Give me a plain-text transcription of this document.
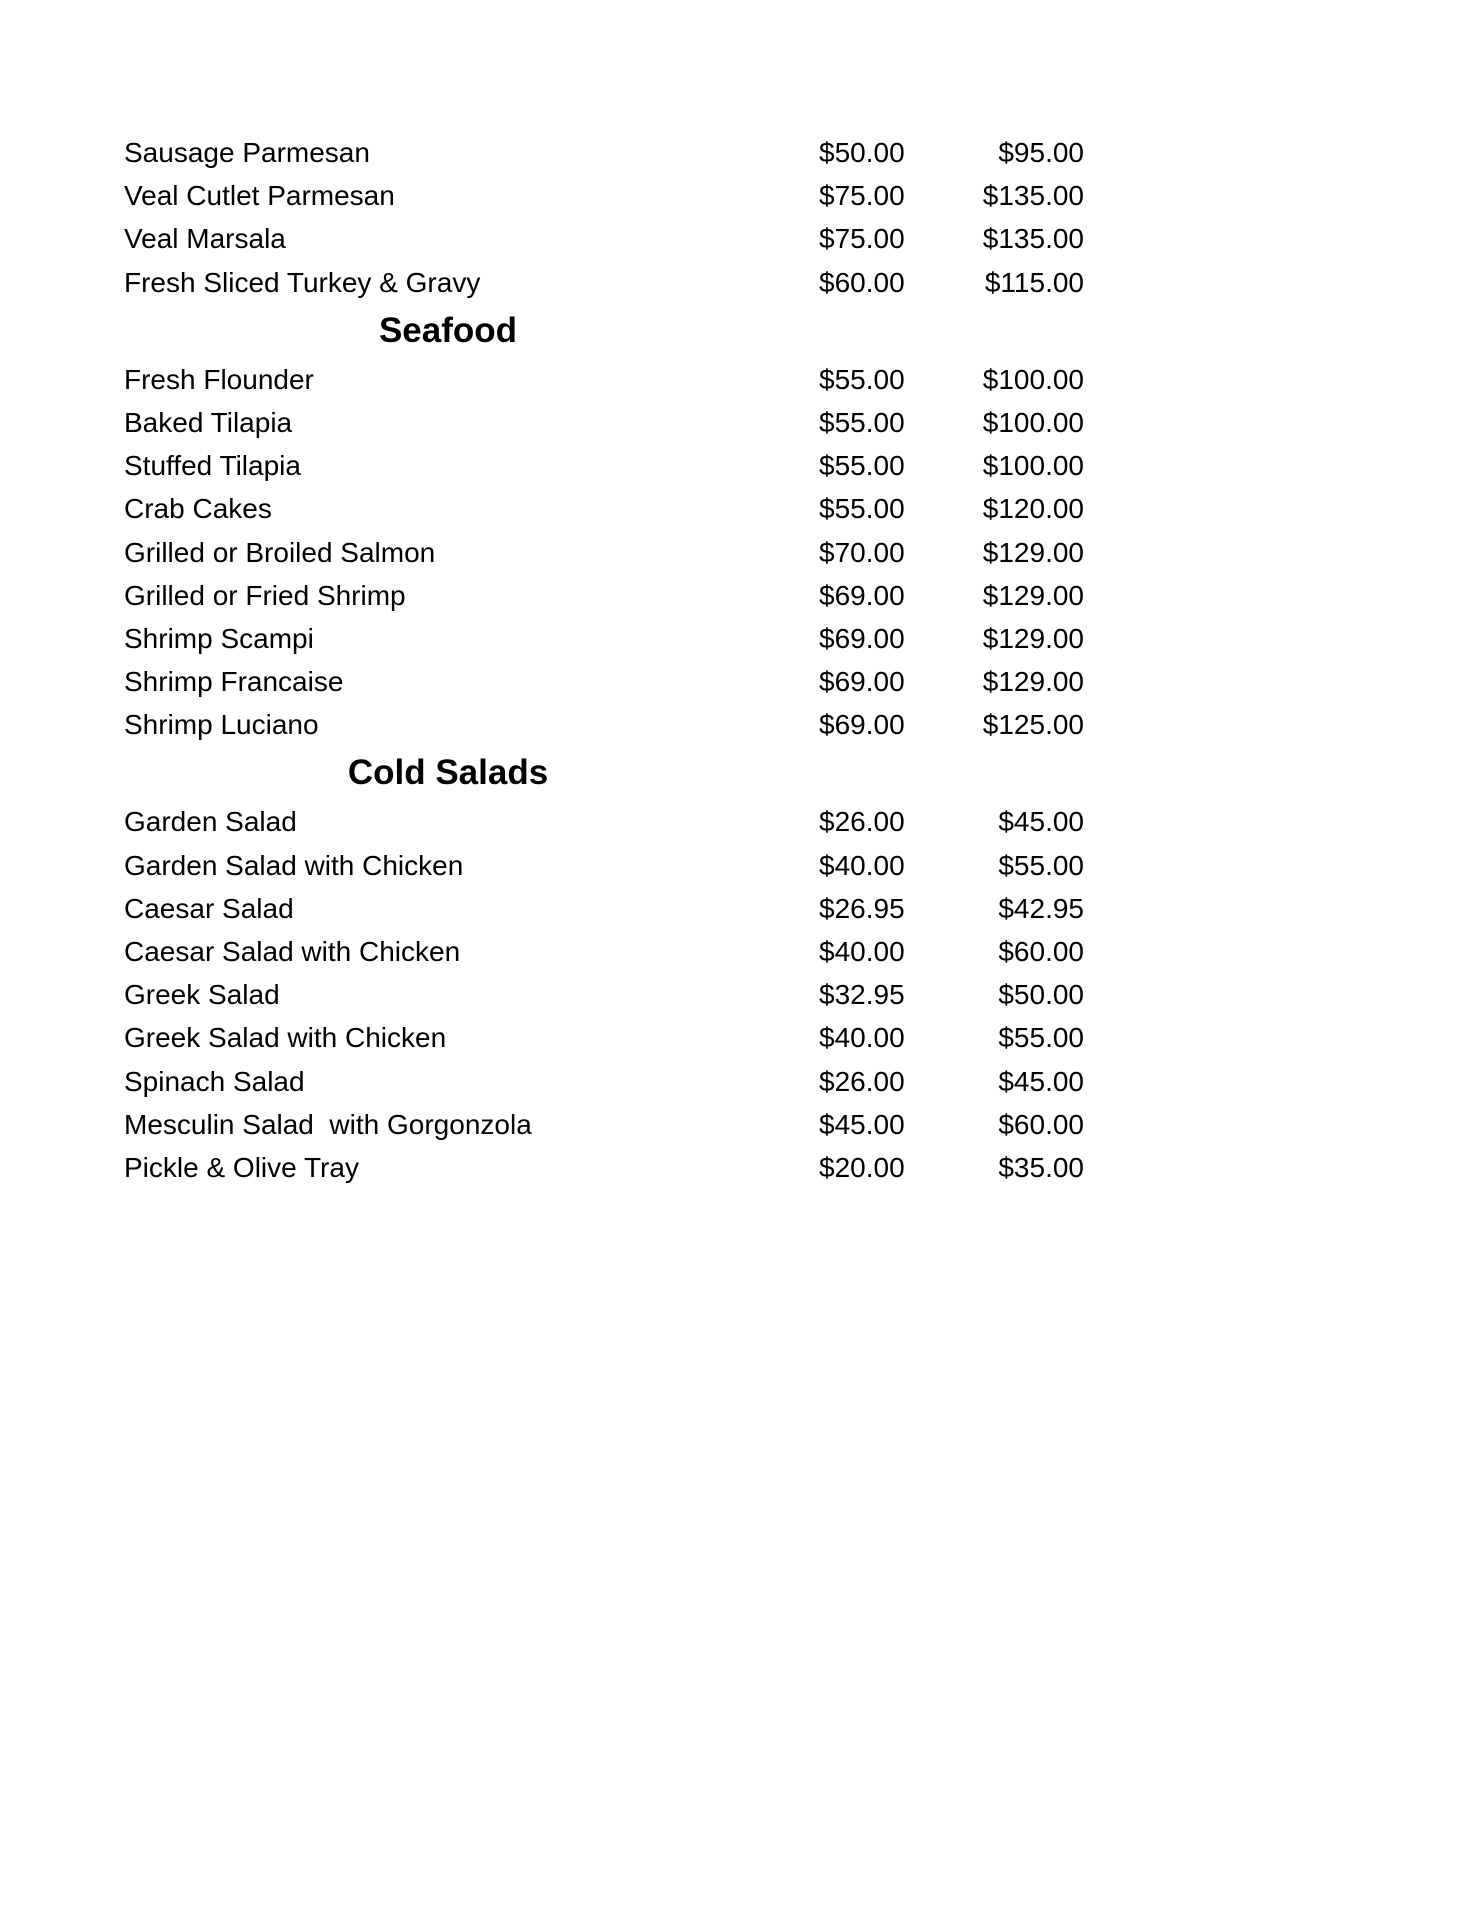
Sausage Parmesan	$50.00	$95.00
Veal Cutlet Parmesan	$75.00	$135.00
Veal Marsala	$75.00	$135.00
Fresh Sliced Turkey & Gravy	$60.00	$115.00
Seafood
Fresh Flounder	$55.00	$100.00
Baked Tilapia	$55.00	$100.00
Stuffed Tilapia	$55.00	$100.00
Crab Cakes	$55.00	$120.00
Grilled or Broiled Salmon	$70.00	$129.00
Grilled or Fried Shrimp	$69.00	$129.00
Shrimp Scampi	$69.00	$129.00
Shrimp Francaise	$69.00	$129.00
Shrimp Luciano	$69.00	$125.00
Cold Salads
Garden Salad	$26.00	$45.00
Garden Salad with Chicken	$40.00	$55.00
Caesar Salad	$26.95	$42.95
Caesar Salad with Chicken	$40.00	$60.00
Greek Salad	$32.95	$50.00
Greek Salad with Chicken	$40.00	$55.00
Spinach Salad	$26.00	$45.00
Mesculin Salad  with Gorgonzola	$45.00	$60.00
Pickle & Olive Tray	$20.00	$35.00
